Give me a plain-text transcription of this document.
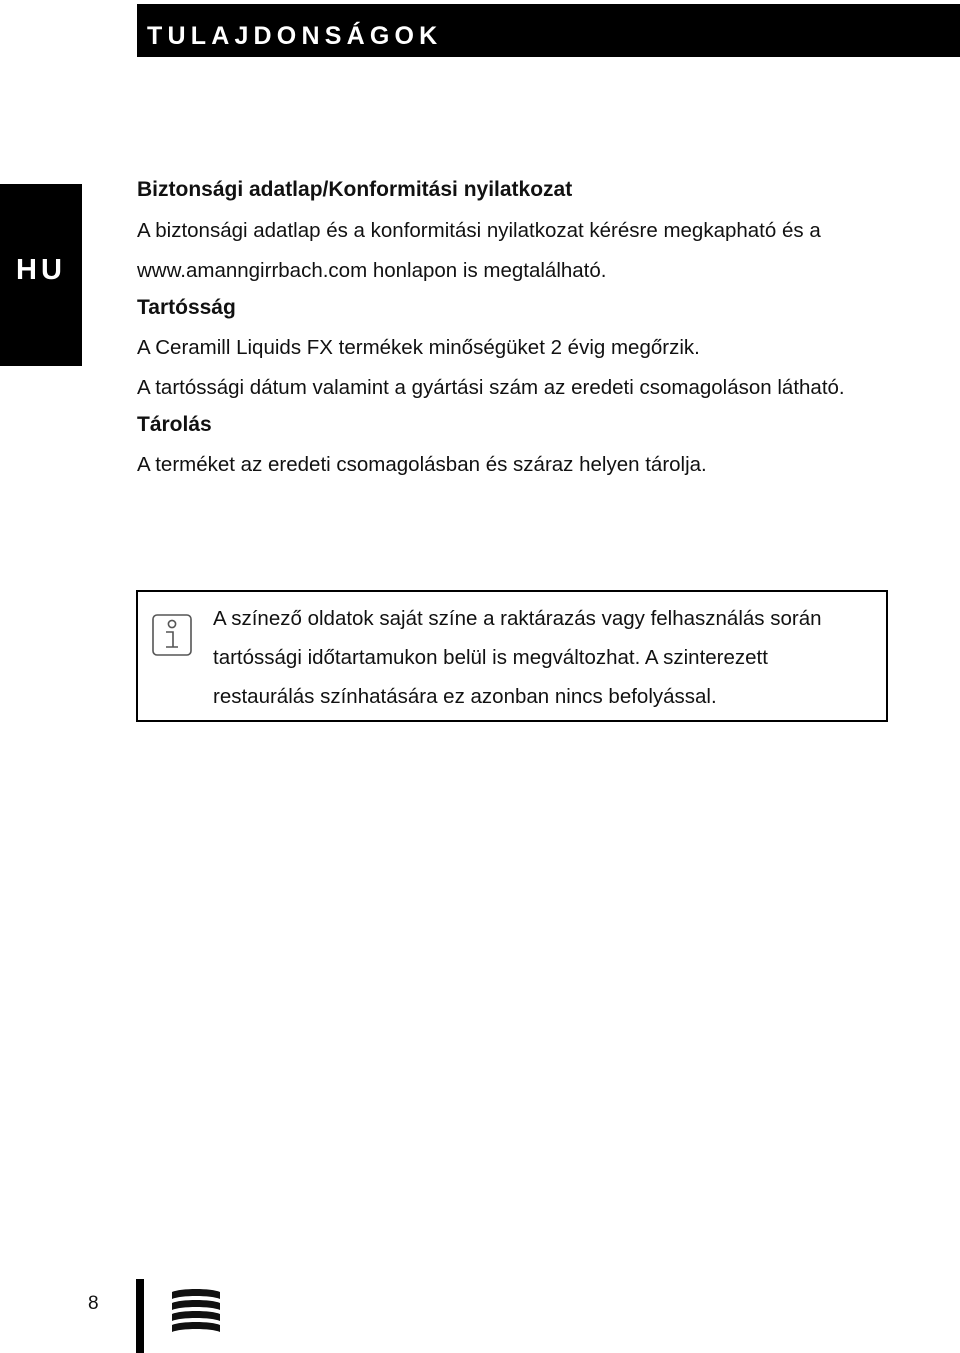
TULAJDONSÁGOK
HU

Biztonsági adatlap/Konformitási nyilatkozat

A biztonsági adatlap és a konformitási nyilatkozat kérésre megkapható és a www.amanngirrbach.com honlapon is megtalálható.

Tartósság

A Ceramill Liquids FX termékek minőségüket 2 évig megőrzik.

A tartóssági dátum valamint a gyártási szám az eredeti csomagoláson látható.

Tárolás

A terméket az eredeti csomagolásban és száraz helyen tárolja.

A színező oldatok saját színe a raktárazás vagy felhasználás során tartóssági időtartamukon belül is megváltozhat. A szinterezett restaurálás színhatására ez azonban nincs befolyással.

8
